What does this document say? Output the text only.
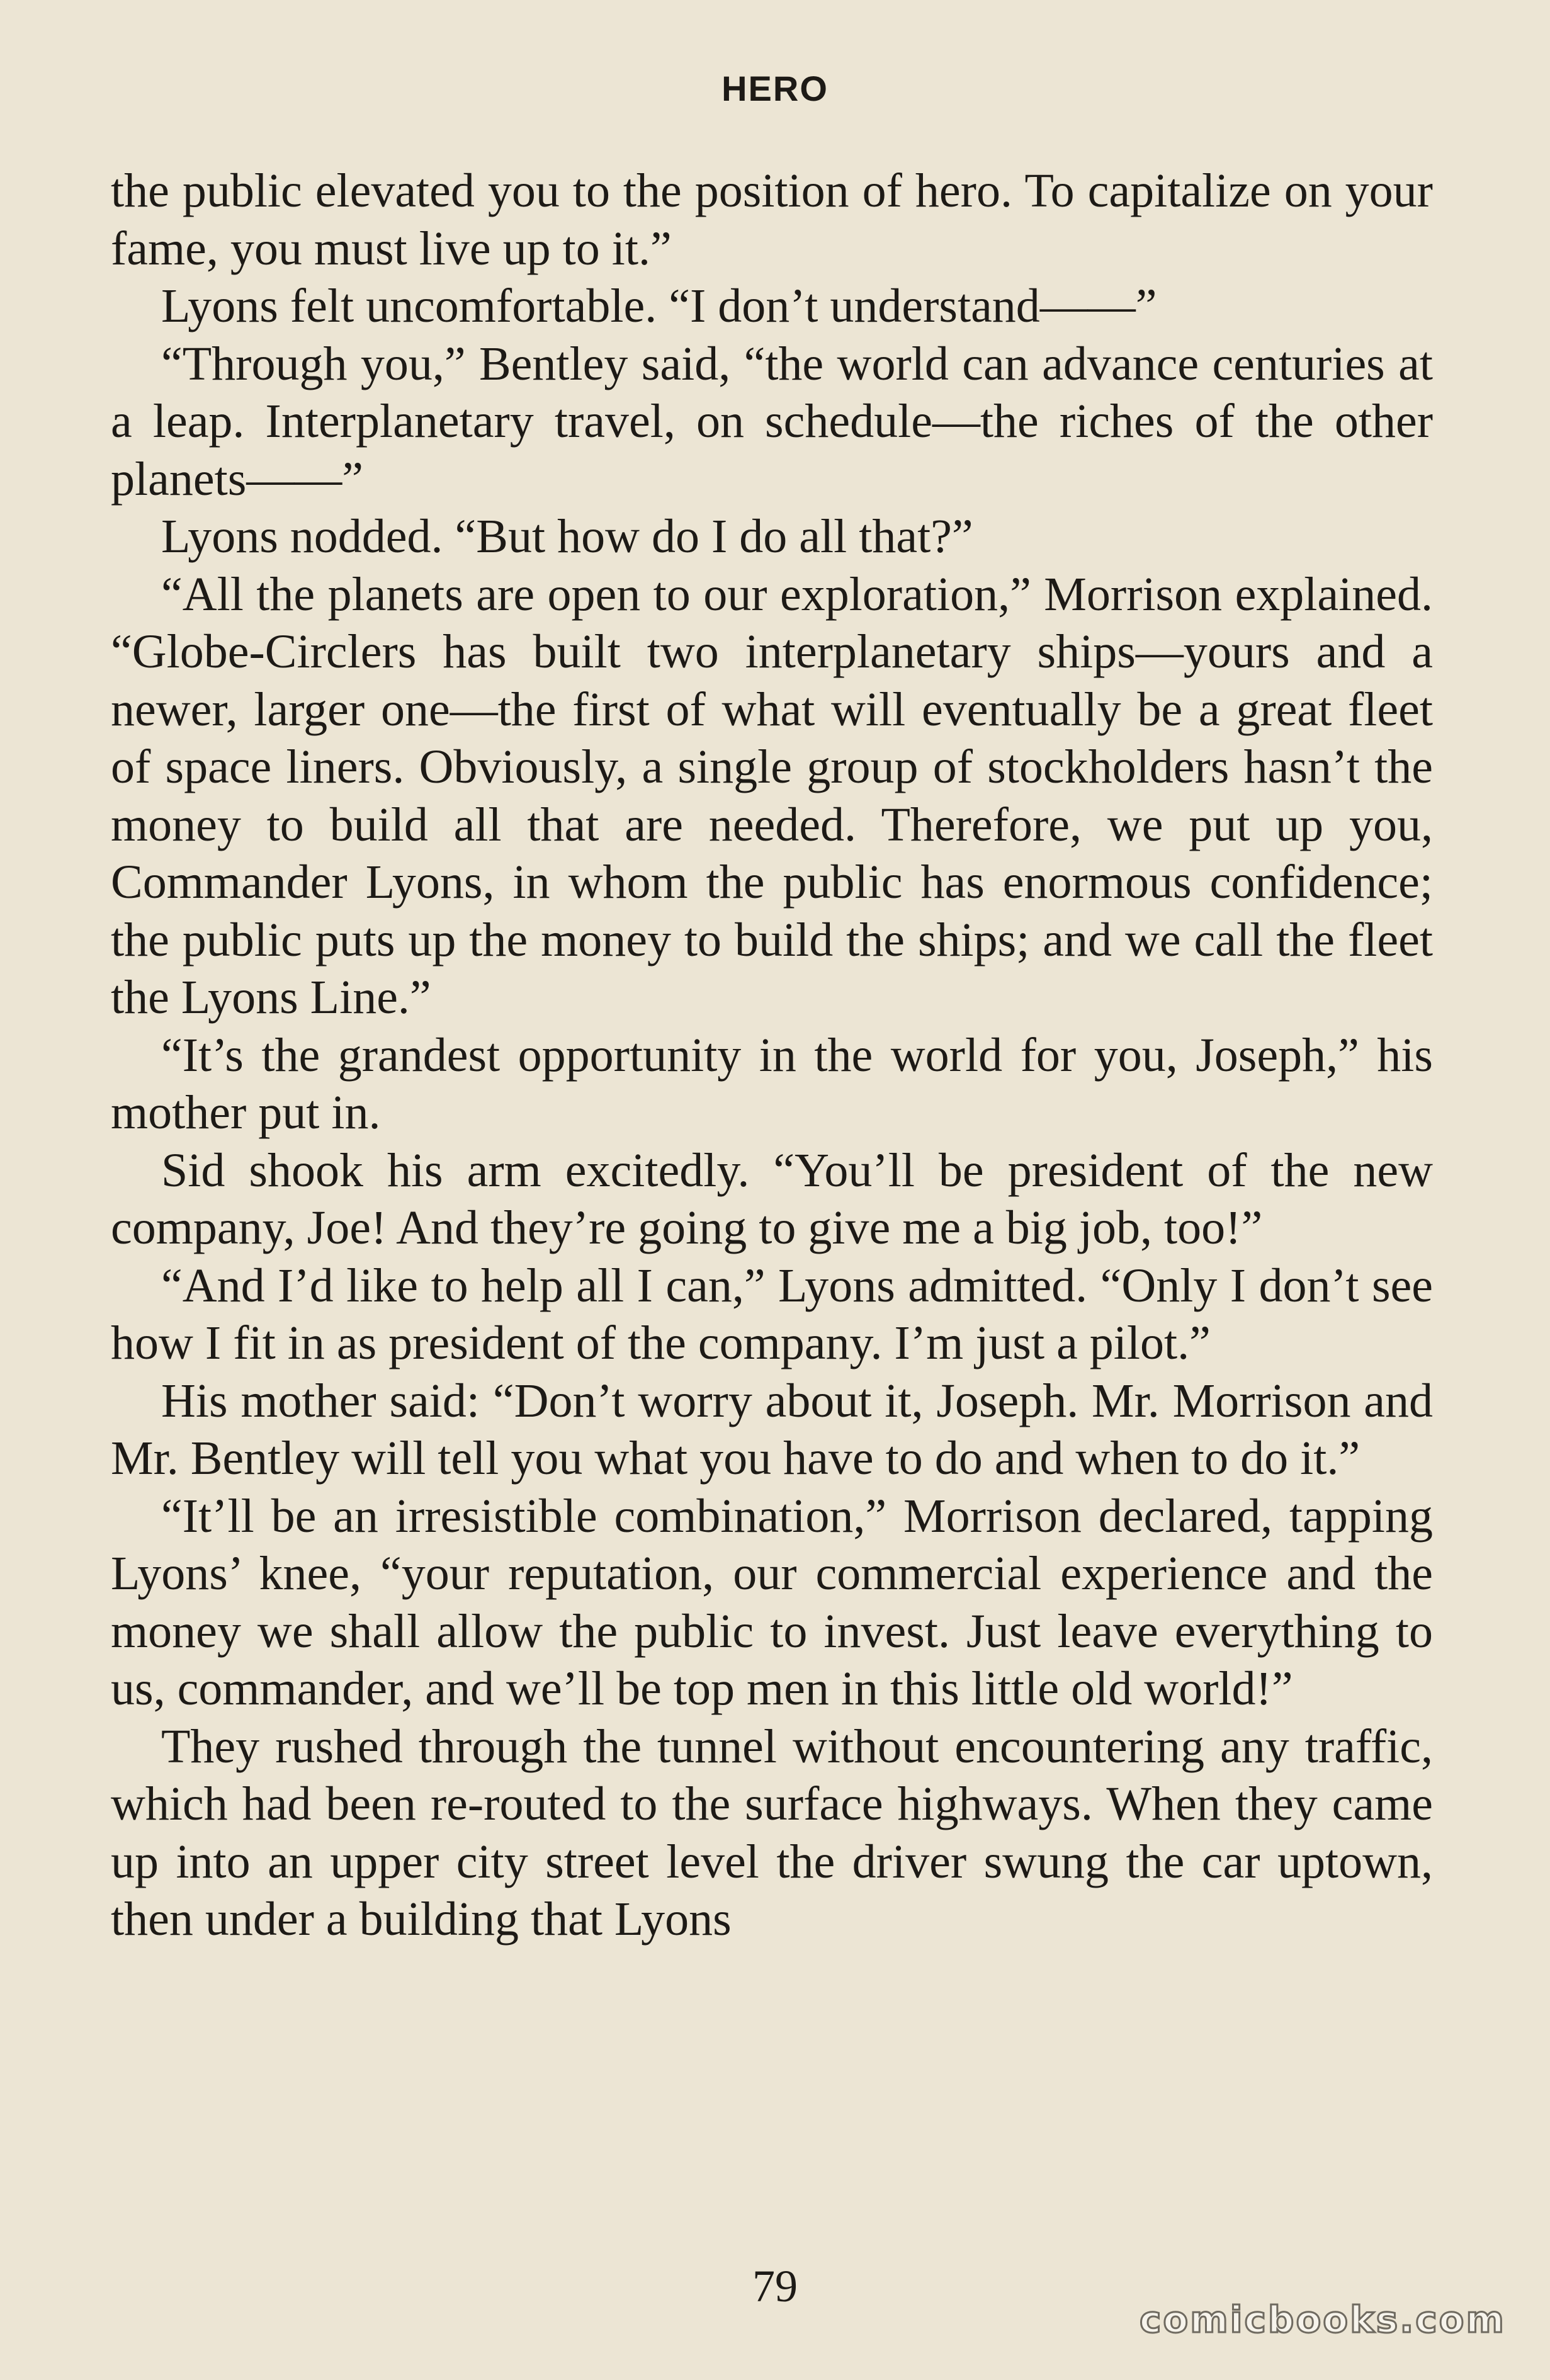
HERO

the public elevated you to the position of hero. To capitalize on your fame, you must live up to it.”

Lyons felt uncomfortable. “I don’t understand——”

“Through you,” Bentley said, “the world can advance centuries at a leap. Interplanetary travel, on schedule—the riches of the other planets——”

Lyons nodded. “But how do I do all that?”

“All the planets are open to our exploration,” Morrison explained. “Globe-Circlers has built two interplanetary ships—yours and a newer, larger one—the first of what will eventually be a great fleet of space liners. Obviously, a single group of stockholders hasn’t the money to build all that are needed. Therefore, we put up you, Commander Lyons, in whom the public has enormous confidence; the public puts up the money to build the ships; and we call the fleet the Lyons Line.”

“It’s the grandest opportunity in the world for you, Joseph,” his mother put in.

Sid shook his arm excitedly. “You’ll be president of the new company, Joe! And they’re going to give me a big job, too!”

“And I’d like to help all I can,” Lyons admitted. “Only I don’t see how I fit in as president of the company. I’m just a pilot.”

His mother said: “Don’t worry about it, Joseph. Mr. Morrison and Mr. Bentley will tell you what you have to do and when to do it.”

“It’ll be an irresistible combination,” Morrison declared, tapping Lyons’ knee, “your reputation, our commercial experience and the money we shall allow the public to invest. Just leave everything to us, commander, and we’ll be top men in this little old world!”

They rushed through the tunnel without encountering any traffic, which had been re-routed to the surface highways. When they came up into an upper city street level the driver swung the car uptown, then under a building that Lyons

79
comicbooks.com
